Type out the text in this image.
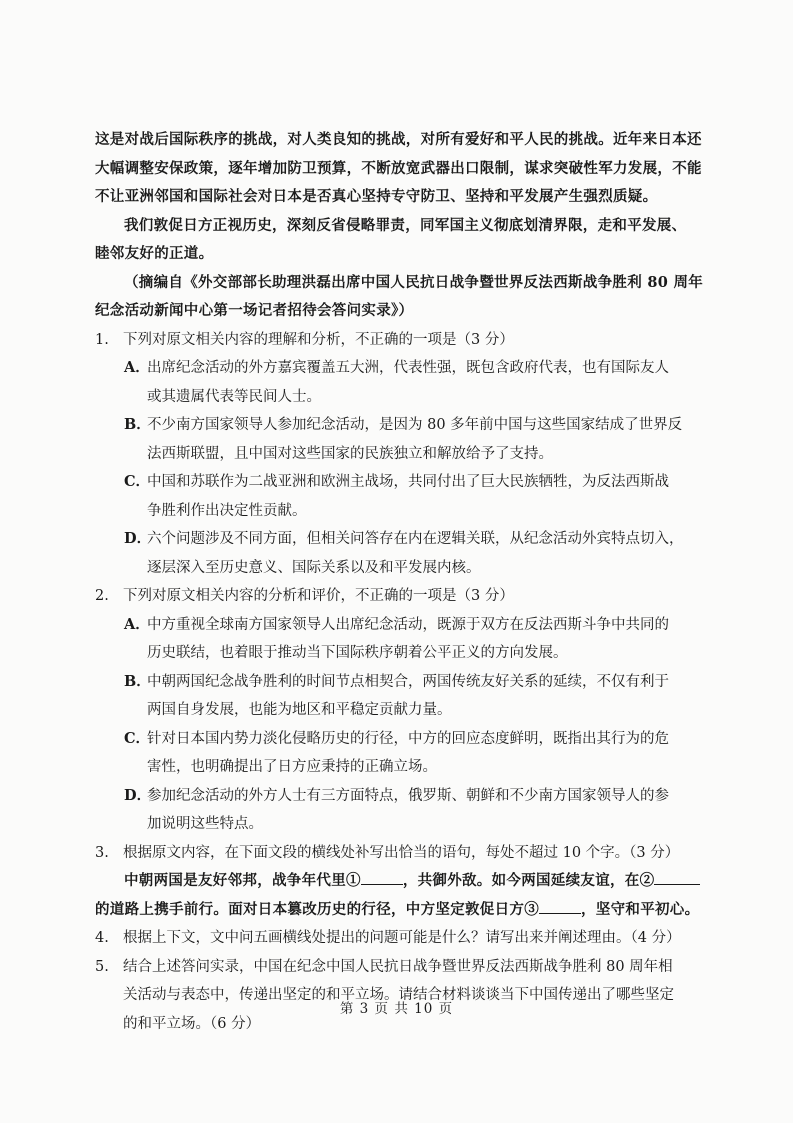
这是对战后国际秩序的挑战，对人类良知的挑战，对所有爱好和平人民的挑战。近年来日本还
大幅调整安保政策，逐年增加防卫预算，不断放宽武器出口限制，谋求突破性军力发展，不能
不让亚洲邻国和国际社会对日本是否真心坚持专守防卫、坚持和平发展产生强烈质疑。
我们敦促日方正视历史，深刻反省侵略罪责，同军国主义彻底划清界限，走和平发展、
睦邻友好的正道。
（摘编自《外交部部长助理洪磊出席中国人民抗日战争暨世界反法西斯战争胜利 80 周年
纪念活动新闻中心第一场记者招待会答问实录》）
1. 下列对原文相关内容的理解和分析，不正确的一项是（3 分）
A．出席纪念活动的外方嘉宾覆盖五大洲，代表性强，既包含政府代表，也有国际友人
或其遗属代表等民间人士。
B．不少南方国家领导人参加纪念活动，是因为 80 多年前中国与这些国家结成了世界反
法西斯联盟，且中国对这些国家的民族独立和解放给予了支持。
C．中国和苏联作为二战亚洲和欧洲主战场，共同付出了巨大民族牺牲，为反法西斯战
争胜利作出决定性贡献。
D．六个问题涉及不同方面，但相关问答存在内在逻辑关联，从纪念活动外宾特点切入，
逐层深入至历史意义、国际关系以及和平发展内核。
2. 下列对原文相关内容的分析和评价，不正确的一项是（3 分）
A．中方重视全球南方国家领导人出席纪念活动，既源于双方在反法西斯斗争中共同的
历史联结，也着眼于推动当下国际秩序朝着公平正义的方向发展。
B．中朝两国纪念战争胜利的时间节点相契合，两国传统友好关系的延续，不仅有利于
两国自身发展，也能为地区和平稳定贡献力量。
C．针对日本国内势力淡化侵略历史的行径，中方的回应态度鲜明，既指出其行为的危
害性，也明确提出了日方应秉持的正确立场。
D．参加纪念活动的外方人士有三方面特点，俄罗斯、朝鲜和不少南方国家领导人的参
加说明这些特点。
3. 根据原文内容，在下面文段的横线处补写出恰当的语句，每处不超过 10 个字。（3 分）
中朝两国是友好邻邦，战争年代里①	，共御外敌。如今两国延续友谊，在②
的道路上携手前行。面对日本篡改历史的行径，中方坚定敦促日方③	，坚守和平初心。
4. 根据上下文，文中问五画横线处提出的问题可能是什么？请写出来并阐述理由。（4 分）
5. 结合上述答问实录，中国在纪念中国人民抗日战争暨世界反法西斯战争胜利 80 周年相
关活动与表态中，传递出坚定的和平立场。请结合材料谈谈当下中国传递出了哪些坚定
的和平立场。（6 分）
第 3 页 共 10 页
